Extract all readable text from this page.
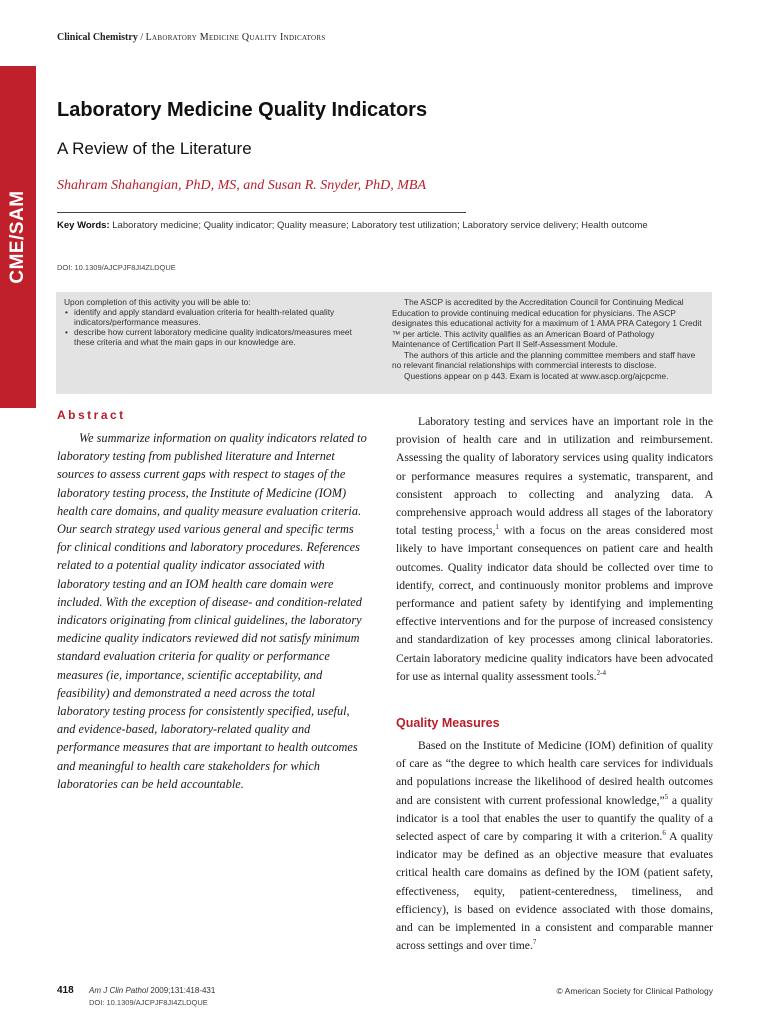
Clinical Chemistry / Laboratory Medicine Quality Indicators
CME/SAM
Laboratory Medicine Quality Indicators
A Review of the Literature
Shahram Shahangian, PhD, MS, and Susan R. Snyder, PhD, MBA
Key Words: Laboratory medicine; Quality indicator; Quality measure; Laboratory test utilization; Laboratory service delivery; Health outcome
DOI: 10.1309/AJCPJF8JI4ZLDQUE
Upon completion of this activity you will be able to:
• identify and apply standard evaluation criteria for health-related quality indicators/performance measures.
• describe how current laboratory medicine quality indicators/measures meet these criteria and what the main gaps in our knowledge are.

The ASCP is accredited by the Accreditation Council for Continuing Medical Education to provide continuing medical education for physicians. The ASCP designates this educational activity for a maximum of 1 AMA PRA Category 1 Credit ™ per article. This activity qualifies as an American Board of Pathology Maintenance of Certification Part II Self-Assessment Module.

The authors of this article and the planning committee members and staff have no relevant financial relationships with commercial interests to disclose.

Questions appear on p 443. Exam is located at www.ascp.org/ajcpcme.

Abstract

We summarize information on quality indicators related to laboratory testing from published literature and Internet sources to assess current gaps with respect to stages of the laboratory testing process, the Institute of Medicine (IOM) health care domains, and quality measure evaluation criteria. Our search strategy used various general and specific terms for clinical conditions and laboratory procedures. References related to a potential quality indicator associated with laboratory testing and an IOM health care domain were included. With the exception of disease- and condition-related indicators originating from clinical guidelines, the laboratory medicine quality indicators reviewed did not satisfy minimum standard evaluation criteria for quality or performance measures (ie, importance, scientific acceptability, and feasibility) and demonstrated a need across the total laboratory testing process for consistently specified, useful, and evidence-based, laboratory-related quality and performance measures that are important to health outcomes and meaningful to health care stakeholders for which laboratories can be held accountable.

Laboratory testing and services have an important role in the provision of health care and in utilization and reimbursement. Assessing the quality of laboratory services using quality indicators or performance measures requires a systematic, transparent, and consistent approach to collecting and analyzing data. A comprehensive approach would address all stages of the laboratory total testing process,$^1$ with a focus on the areas considered most likely to have important consequences on patient care and health outcomes. Quality indicator data should be collected over time to identify, correct, and continuously monitor problems and improve performance and patient safety by identifying and implementing effective interventions and for the purpose of increased consistency and standardization of key processes among clinical laboratories. Certain laboratory medicine quality indicators have been advocated for use as internal quality assessment tools.$^{2-4}$

Quality Measures

Based on the Institute of Medicine (IOM) definition of quality of care as “the degree to which health care services for individuals and populations increase the likelihood of desired health outcomes and are consistent with current professional knowledge,”$^5$ a quality indicator is a tool that enables the user to quantify the quality of a selected aspect of care by comparing it with a criterion.$^6$ A quality indicator may be defined as an objective measure that evaluates critical health care domains as defined by the IOM (patient safety, effectiveness, equity, patient-centeredness, timeliness, and efficiency), is based on evidence associated with those domains, and can be implemented in a consistent and comparable manner across settings and over time.$^7$

418 Am J Clin Pathol 2009;131:418-431
DOI: 10.1309/AJCPJF8JI4ZLDQUE
© American Society for Clinical Pathology
